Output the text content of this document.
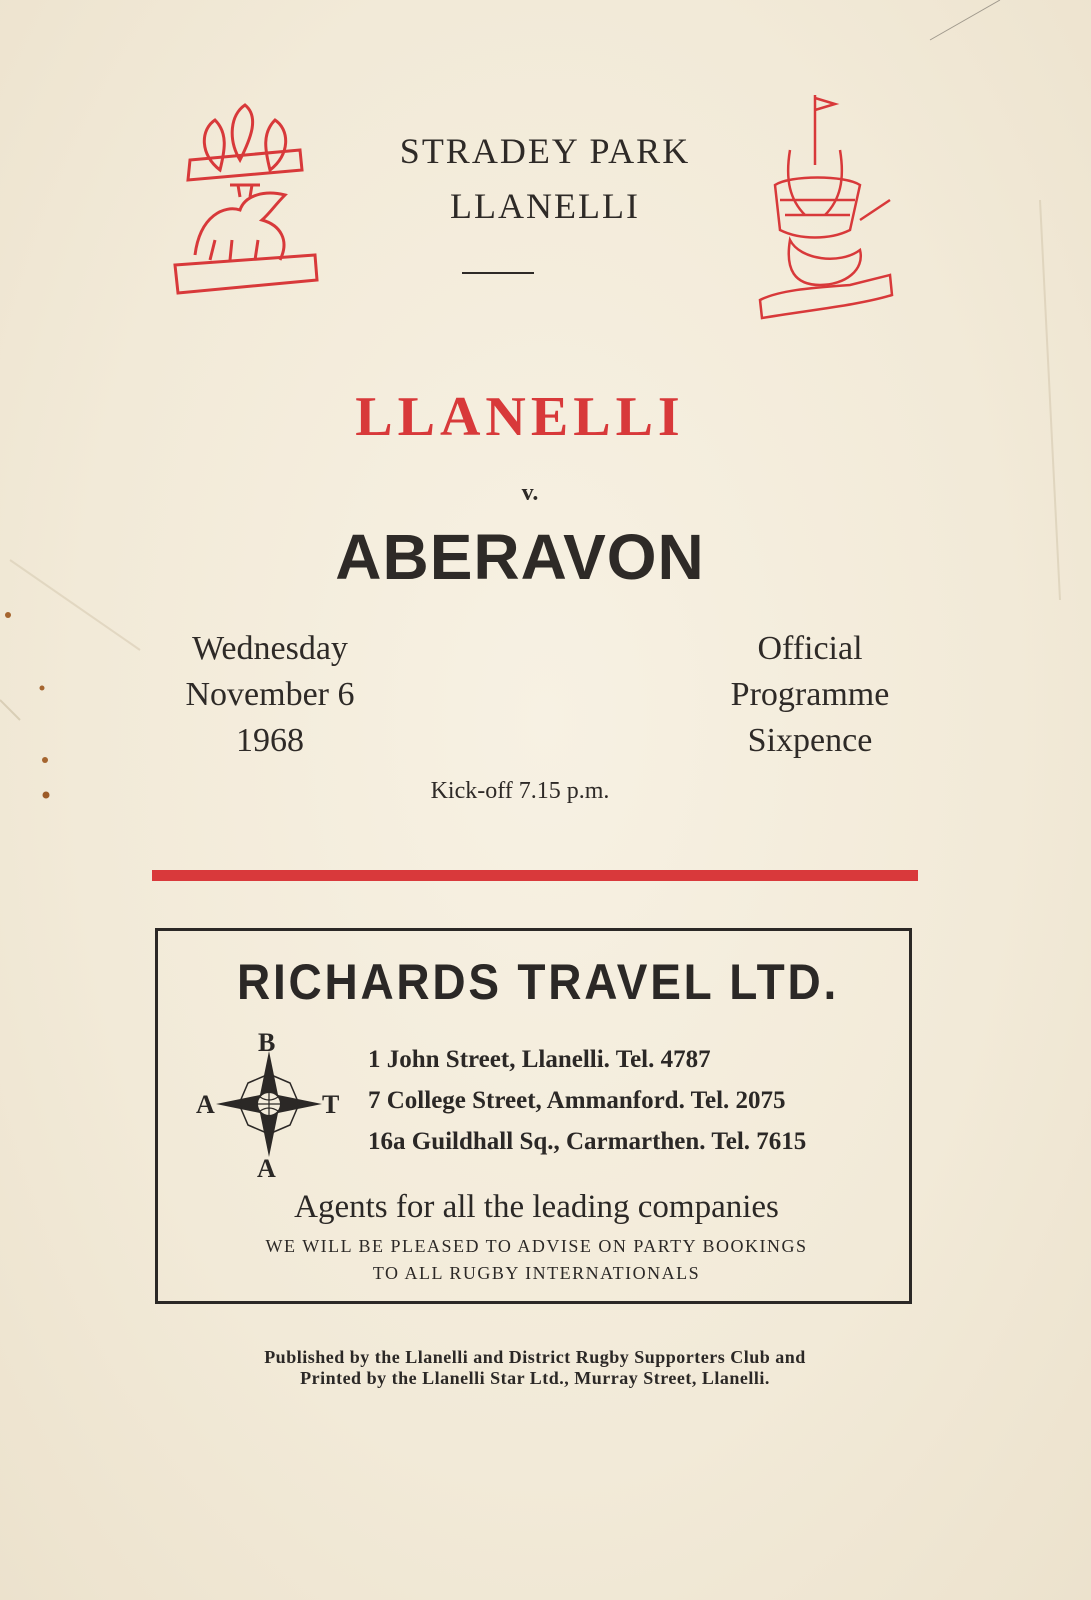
STRADEY PARK
LLANELLI
LLANELLI
v.
ABERAVON
Wednesday
November 6
1968
Official
Programme
Sixpence
Kick-off 7.15 p.m.
RICHARDS TRAVEL LTD.
B
A	T
A
1 John Street, Llanelli. Tel. 4787
7 College Street, Ammanford. Tel. 2075
16a Guildhall Sq., Carmarthen. Tel. 7615
Agents for all the leading companies
WE WILL BE PLEASED TO ADVISE ON PARTY BOOKINGS
TO ALL RUGBY INTERNATIONALS
Published by the Llanelli and District Rugby Supporters Club and
Printed by the Llanelli Star Ltd., Murray Street, Llanelli.
